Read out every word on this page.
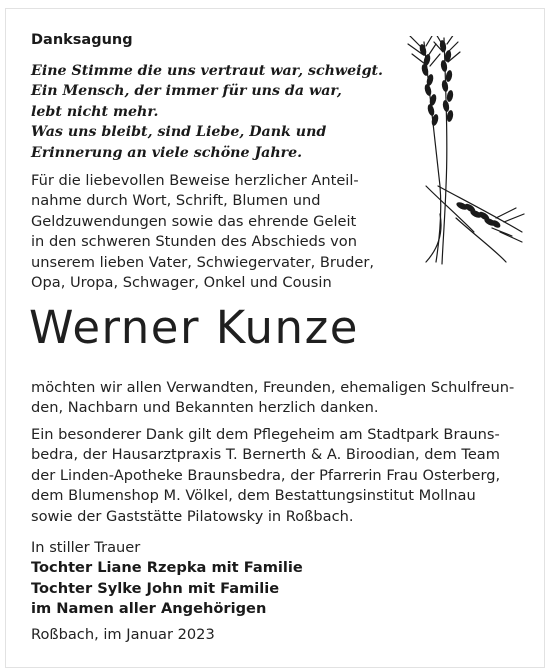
Danksagung
Eine Stimme die uns vertraut war, schweigt.
Ein Mensch, der immer für uns da war,
lebt nicht mehr.
Was uns bleibt, sind Liebe, Dank und
Erinnerung an viele schöne Jahre.
Für die liebevollen Beweise herzlicher Anteil-
nahme durch Wort, Schrift, Blumen und
Geldzuwendungen sowie das ehrende Geleit
in den schweren Stunden des Abschieds von
unserem lieben Vater, Schwiegervater, Bruder,
Opa, Uropa, Schwager, Onkel und Cousin
Werner Kunze
möchten wir allen Verwandten, Freunden, ehemaligen Schulfreun-
den, Nachbarn und Bekannten herzlich danken.
Ein besonderer Dank gilt dem Pflegeheim am Stadtpark Brauns-
bedra, der Hausarztpraxis T. Bernerth & A. Biroodian, dem Team
der Linden-Apotheke Braunsbedra, der Pfarrerin Frau Osterberg,
dem Blumenshop M. Völkel, dem Bestattungsinstitut Mollnau
sowie der Gaststätte Pilatowsky in Roßbach.
In stiller Trauer
Tochter Liane Rzepka mit Familie
Tochter Sylke John mit Familie
im Namen aller Angehörigen
Roßbach, im Januar 2023
